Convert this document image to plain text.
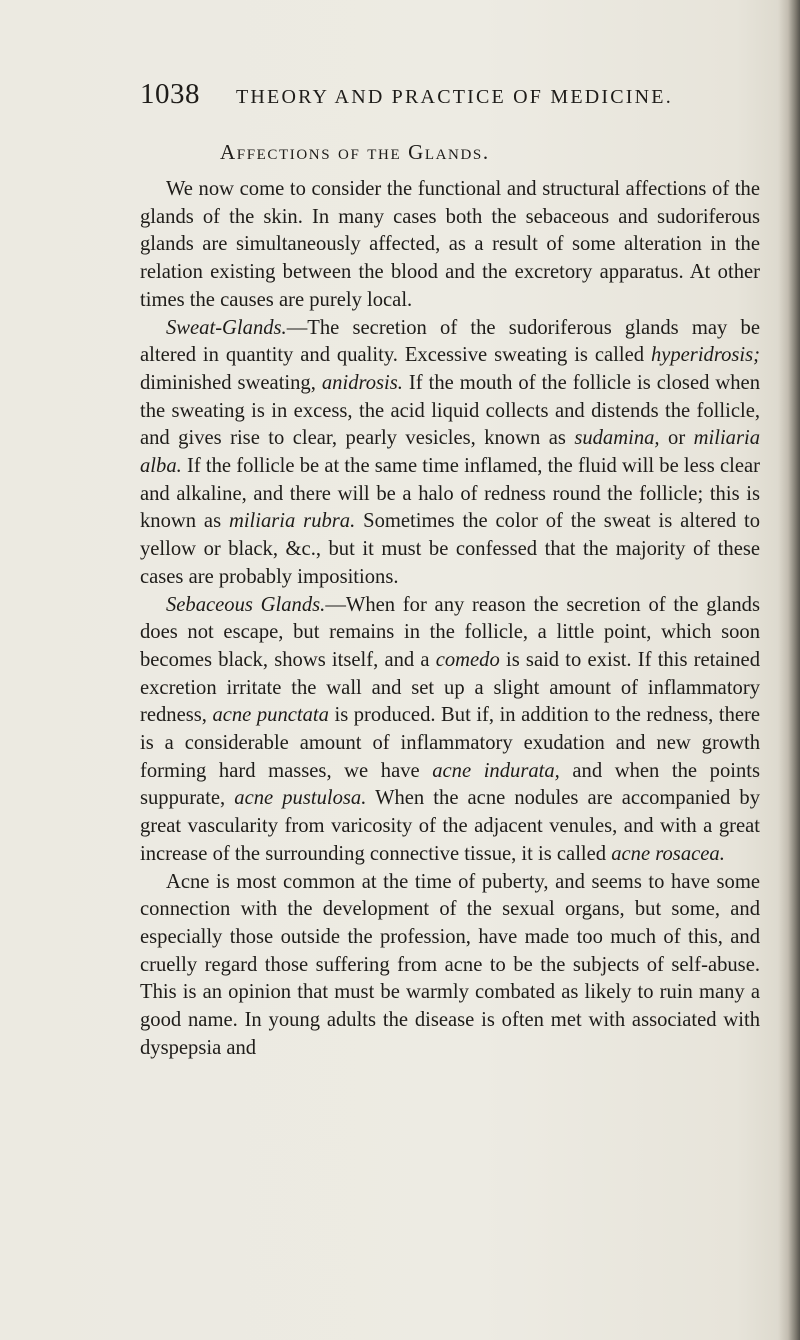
1038 THEORY AND PRACTICE OF MEDICINE.
Affections of the Glands.

We now come to consider the functional and structural affections of the glands of the skin. In many cases both the sebaceous and sudoriferous glands are simultaneously affected, as a result of some alteration in the relation existing between the blood and the excretory apparatus. At other times the causes are purely local.

Sweat-Glands.—The secretion of the sudoriferous glands may be altered in quantity and quality. Excessive sweating is called hyperidrosis; diminished sweating, anidrosis. If the mouth of the follicle is closed when the sweating is in excess, the acid liquid collects and distends the follicle, and gives rise to clear, pearly vesicles, known as sudamina, or miliaria alba. If the follicle be at the same time inflamed, the fluid will be less clear and alkaline, and there will be a halo of redness round the follicle; this is known as miliaria rubra. Sometimes the color of the sweat is altered to yellow or black, &c., but it must be confessed that the majority of these cases are probably impositions.

Sebaceous Glands.—When for any reason the secretion of the glands does not escape, but remains in the follicle, a little point, which soon becomes black, shows itself, and a comedo is said to exist. If this retained excretion irritate the wall and set up a slight amount of inflammatory redness, acne punctata is produced. But if, in addition to the redness, there is a considerable amount of inflammatory exudation and new growth forming hard masses, we have acne indurata, and when the points suppurate, acne pustulosa. When the acne nodules are accompanied by great vascularity from varicosity of the adjacent venules, and with a great increase of the surrounding connective tissue, it is called acne rosacea.

Acne is most common at the time of puberty, and seems to have some connection with the development of the sexual organs, but some, and especially those outside the profession, have made too much of this, and cruelly regard those suffering from acne to be the subjects of self-abuse. This is an opinion that must be warmly combated as likely to ruin many a good name. In young adults the disease is often met with associated with dyspepsia and
